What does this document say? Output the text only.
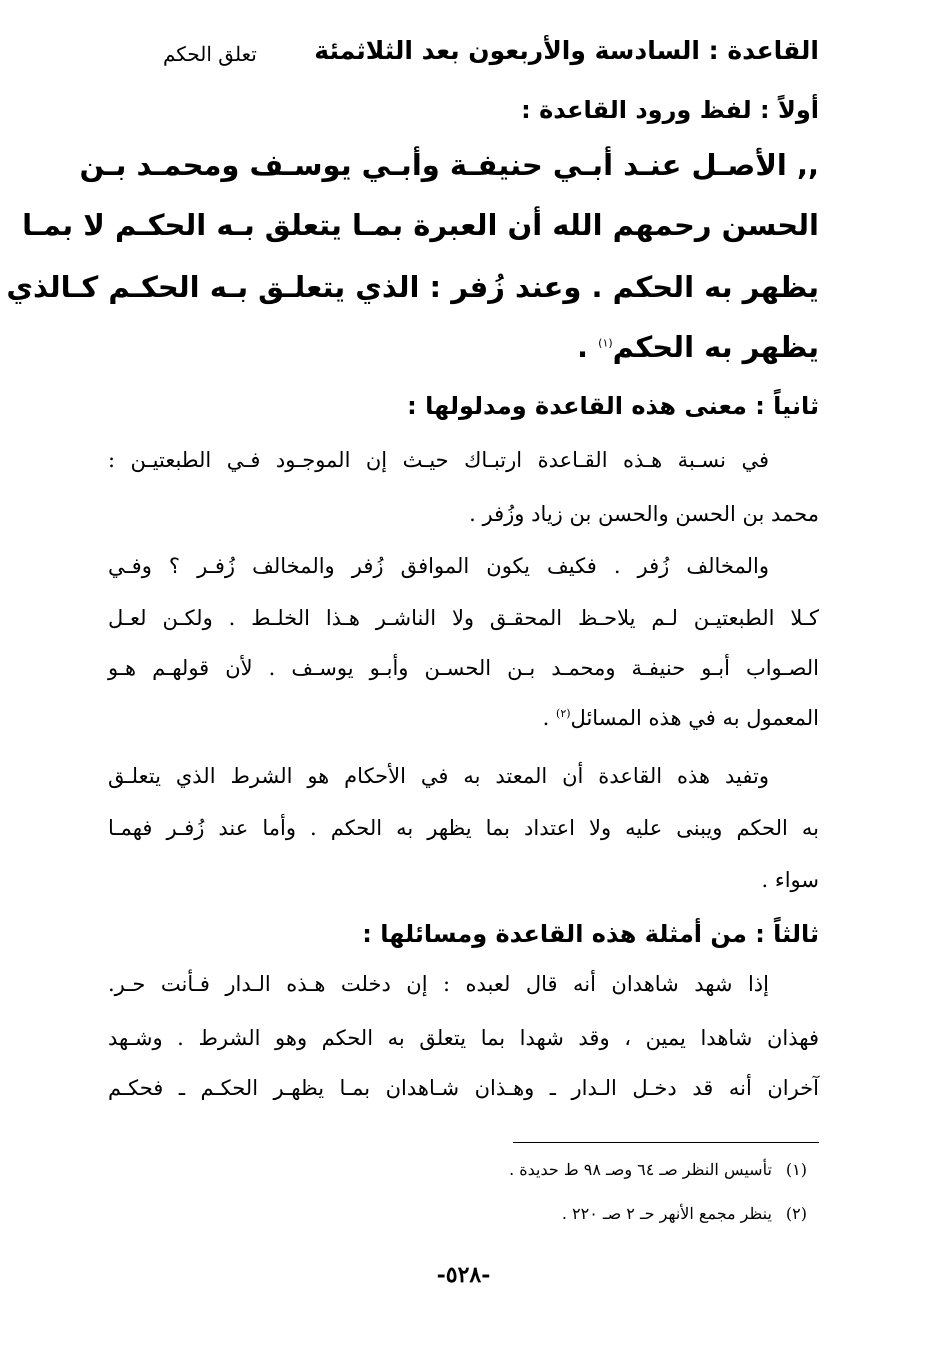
القاعدة : السادسة والأربعون بعد الثلاثمئة
تعلق الحكم
أولاً : لفظ ورود القاعدة :
,, الأصـل عنـد أبـي حنيفـة وأبـي يوسـف ومحمـد بـن
الحسن رحمهم الله أن العبرة بمـا يتعلق بـه الحكـم لا بمـا
يظهر به الحكم . وعند زُفر : الذي يتعلـق بـه الحكـم كـالذي
يظهر به الحكم$^{(١)}$ .
ثانياً : معنى هذه القاعدة ومدلولها :
في نسـبة هـذه القـاعدة ارتبـاك حيـث إن الموجـود فـي الطبعتيـن :
محمد بن الحسن والحسن بن زياد وزُفر .
والمخالف زُفر . فكيف يكون الموافق زُفر والمخالف زُفـر ؟ وفـي
كـلا الطبعتيـن لـم يلاحـظ المحقـق ولا الناشـر هـذا الخلـط . ولكـن لعـل
الصـواب أبـو حنيفـة ومحمـد بـن الحسـن وأبـو يوسـف . لأن قولهـم هـو
المعمول به في هذه المسائل$^{(٢)}$ .
وتفيد هذه القاعدة أن المعتد به في الأحكام هو الشرط الذي يتعلـق
به الحكم ويبنى عليه ولا اعتداد بما يظهر به الحكم . وأما عند زُفـر فهمـا
سواء .
ثالثاً : من أمثلة هذه القاعدة ومسائلها :
إذا شهد شاهدان أنه قال لعبده : إن دخلت هـذه الـدار فـأنت حـر.
فهذان شاهدا يمين ، وقد شهدا بما يتعلق به الحكم وهو الشرط . وشـهد
آخران أنه قد دخـل الـدار ـ وهـذان شـاهدان بمـا يظهـر الحكـم ـ فحكـم
(١)تأسيس النظر صـ ٦٤ وصـ ٩٨ ط حديدة .
(٢)ينظر مجمع الأنهر حـ ٢ صـ ٢٢٠ .
-٥٢٨-
